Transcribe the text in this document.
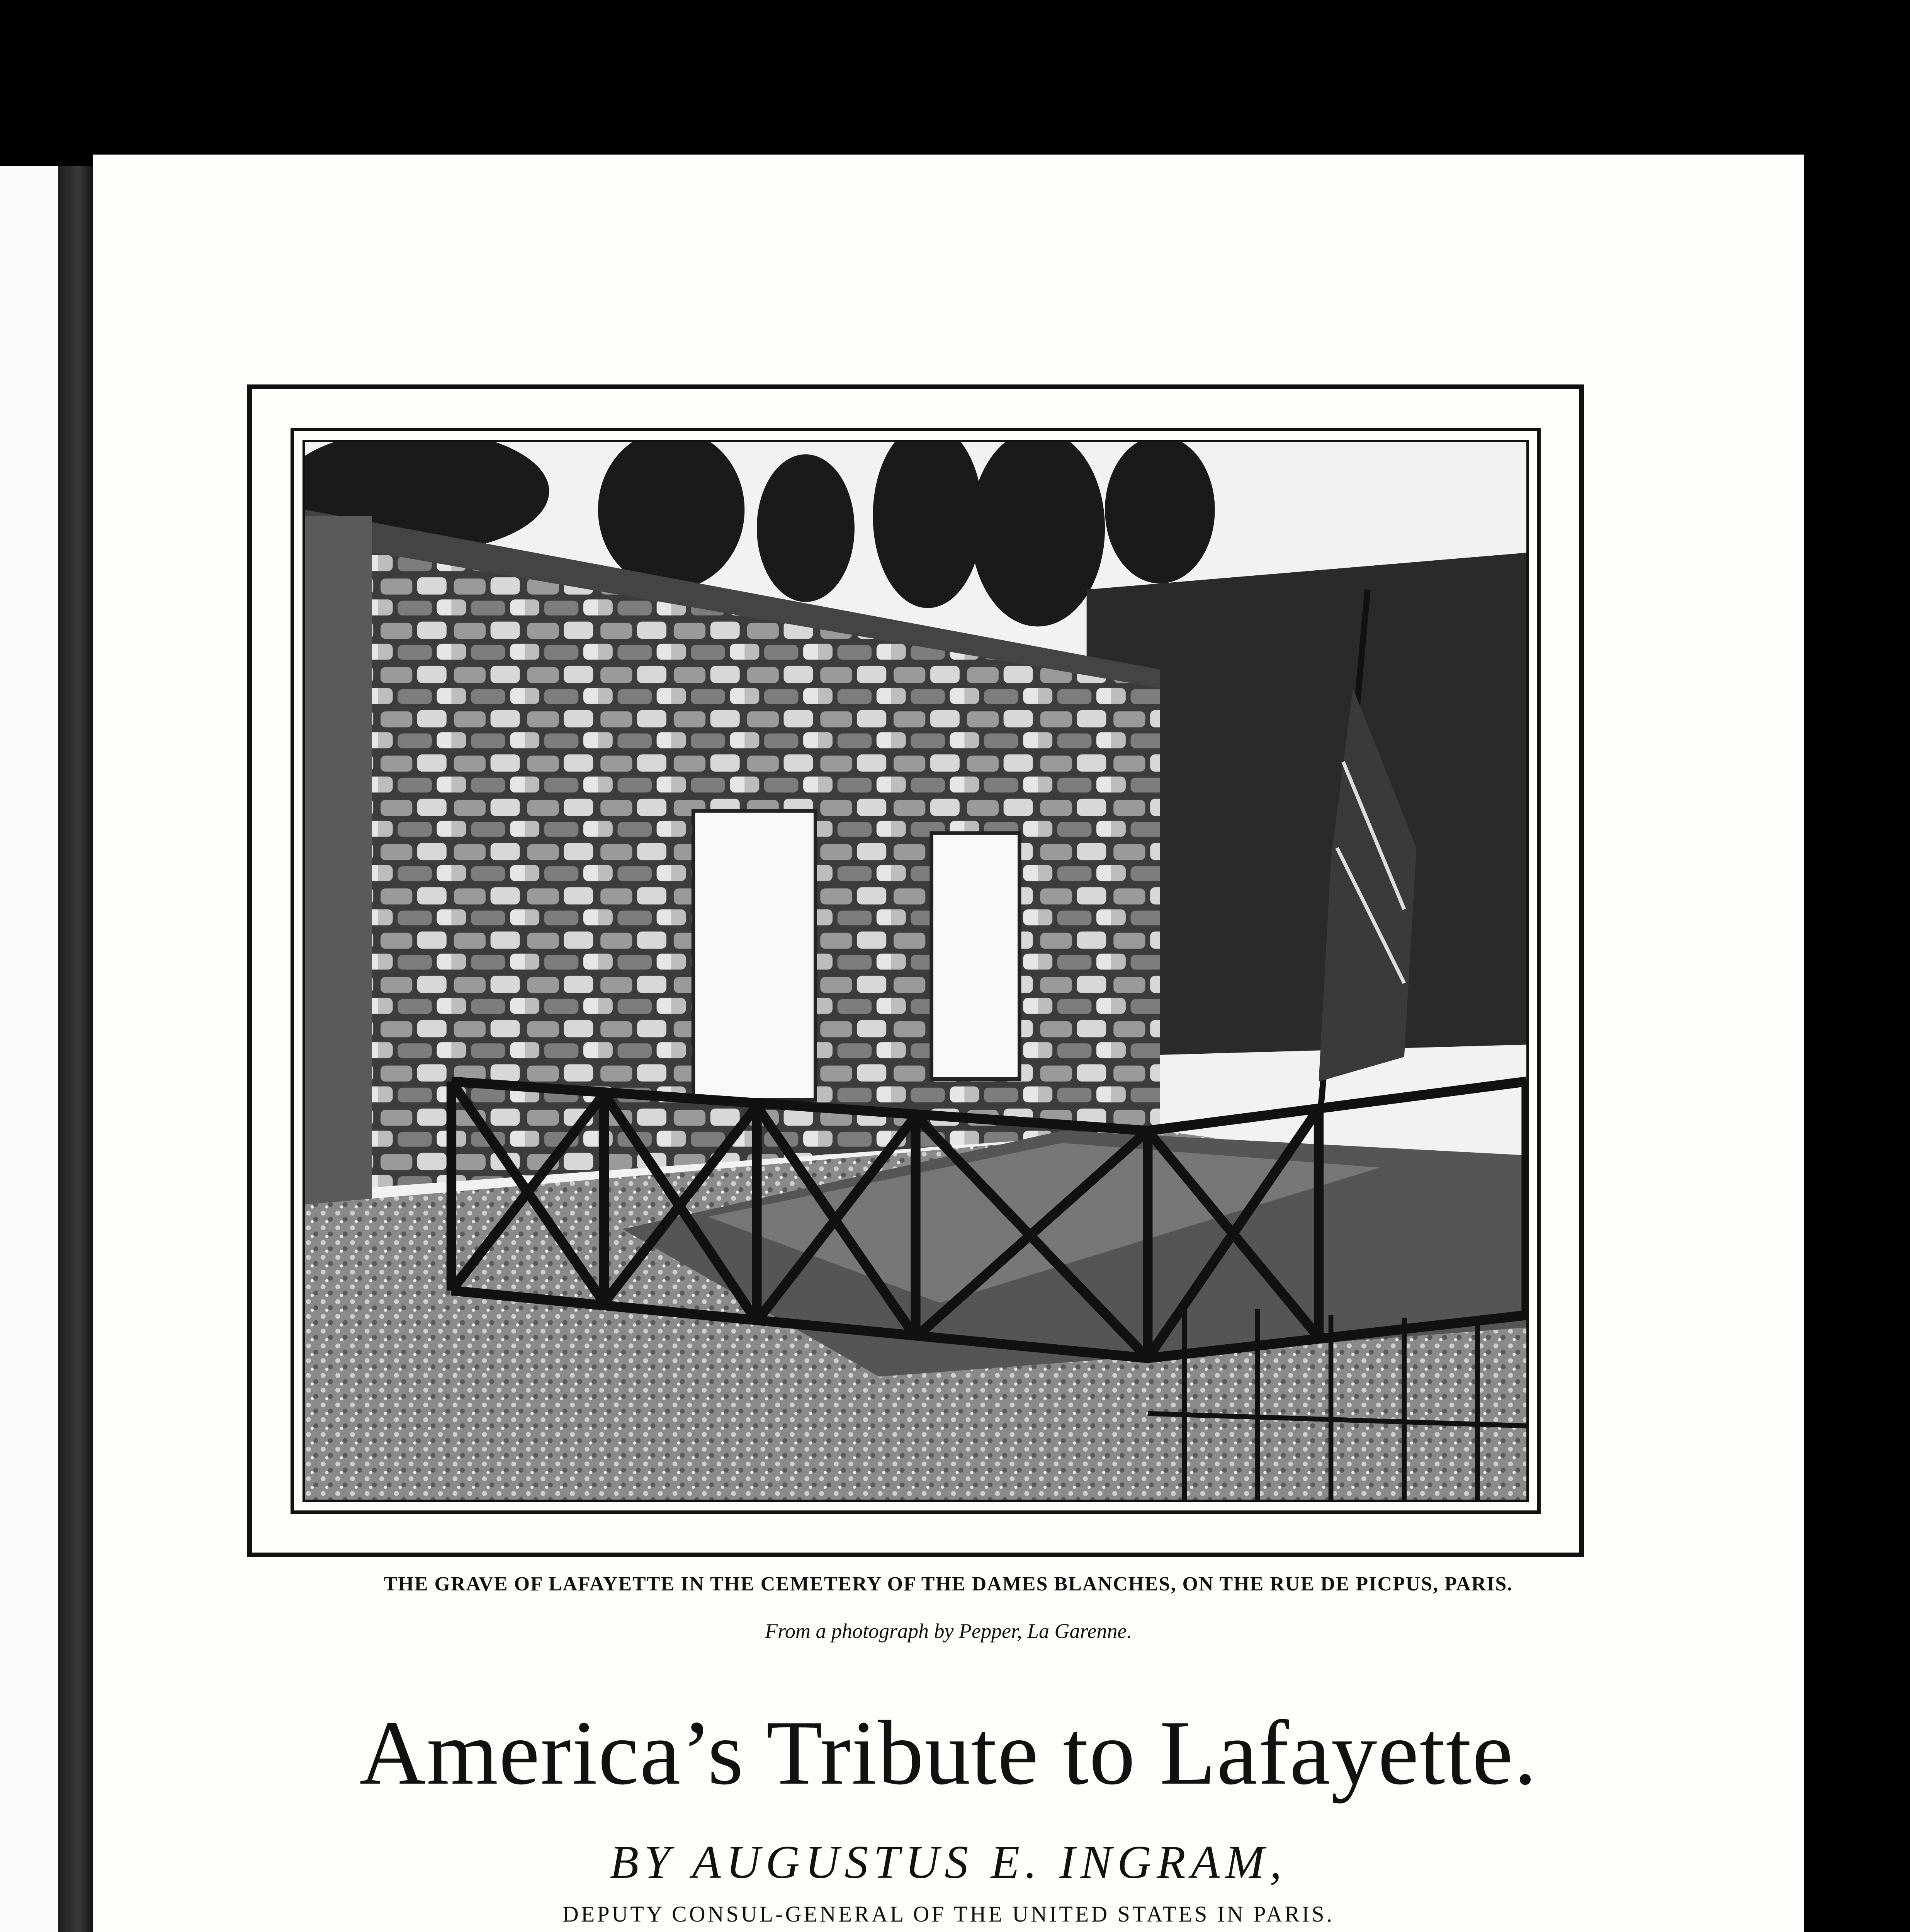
THE GRAVE OF LAFAYETTE IN THE CEMETERY OF THE DAMES BLANCHES, ON THE RUE DE PICPUS, PARIS.
From a photograph by Pepper, La Garenne.
America’s Tribute to Lafayette.
BY AUGUSTUS E. INGRAM,
DEPUTY CONSUL-GENERAL OF THE UNITED STATES IN PARIS.
